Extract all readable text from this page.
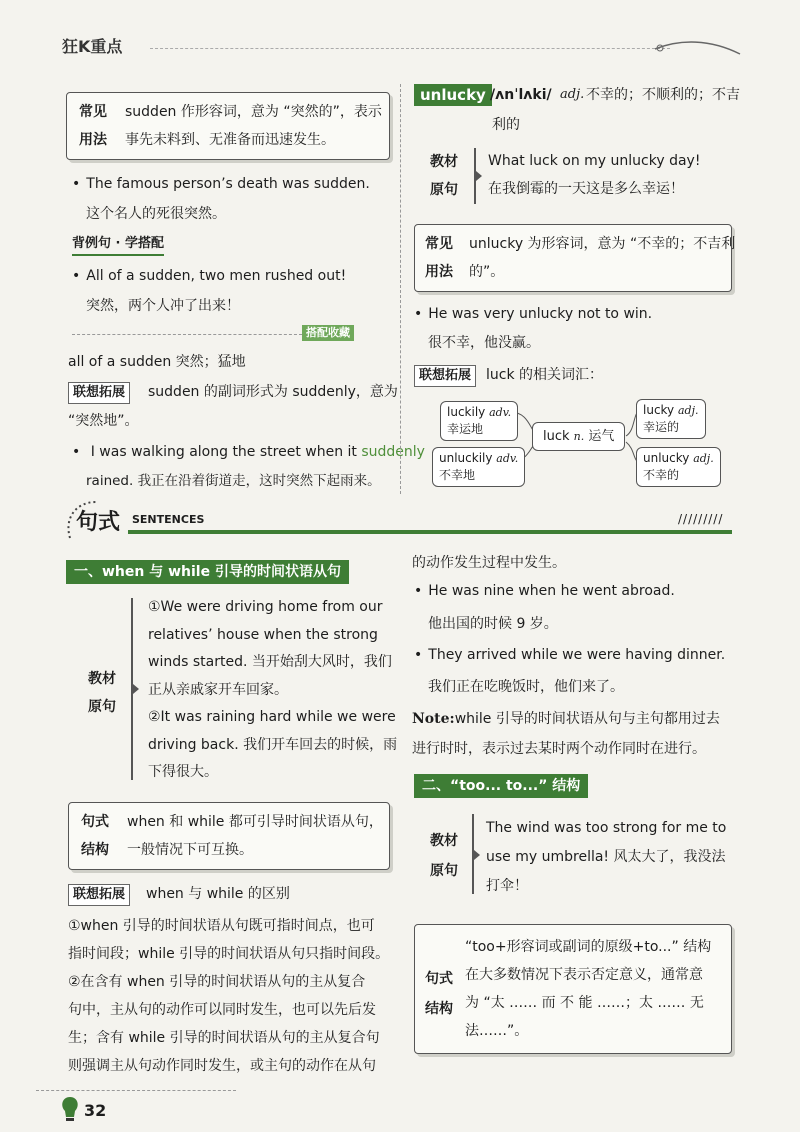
狂K重点
常见
用法
sudden 作形容词，意为 “突然的”，表示
事先未料到、无准备而迅速发生。
• The famous person’s death was sudden.
这个名人的死很突然。
背例句 · 学搭配
• All of a sudden, two men rushed out!
突然，两个人冲了出来！
搭配收藏
all of a sudden 突然；猛地
联想拓展	sudden 的副词形式为 suddenly，意为
“突然地”。
• I was walking along the street when it suddenly
rained. 我正在沿着街道走，这时突然下起雨来。
unlucky /ʌnˈlʌki/ adj. 不幸的；不顺利的；不吉
利的
教材
原句
What luck on my unlucky day!
在我倒霉的一天这是多么幸运！
常见
用法
unlucky 为形容词，意为 “不幸的；不吉利
的”。
• He was very unlucky not to win.
很不幸，他没赢。
联想拓展	luck 的相关词汇：
luckily adv.
幸运地
unluckily adv.
不幸地
luck n. 运气
lucky adj.
幸运的
unlucky adj.
不幸的
句式 SENTENCES	/////////
一、when 与 while 引导的时间状语从句
教材
原句
①We were driving home from our
relatives’ house when the strong
winds started. 当开始刮大风时，我们
正从亲戚家开车回家。
②It was raining hard while we were
driving back. 我们开车回去的时候，雨
下得很大。
句式
结构
when 和 while 都可引导时间状语从句，
一般情况下可互换。
联想拓展	when 与 while 的区别
①when 引导的时间状语从句既可指时间点，也可
指时间段；while 引导的时间状语从句只指时间段。
②在含有 when 引导的时间状语从句的主从复合
句中，主从句的动作可以同时发生，也可以先后发
生；含有 while 引导的时间状语从句的主从复合句
则强调主从句动作同时发生，或主句的动作在从句
的动作发生过程中发生。
• He was nine when he went abroad.
他出国的时候 9 岁。
• They arrived while we were having dinner.
我们正在吃晚饭时，他们来了。
Note:while 引导的时间状语从句与主句都用过去
进行时时，表示过去某时两个动作同时在进行。
二、“too... to...” 结构
教材
原句
The wind was too strong for me to
use my umbrella! 风太大了，我没法
打伞！
句式
结构
“too+形容词或副词的原级+to...” 结构
在大多数情况下表示否定意义，通常意
为 “太 …… 而 不 能 ……；太 …… 无
法……”。
32
